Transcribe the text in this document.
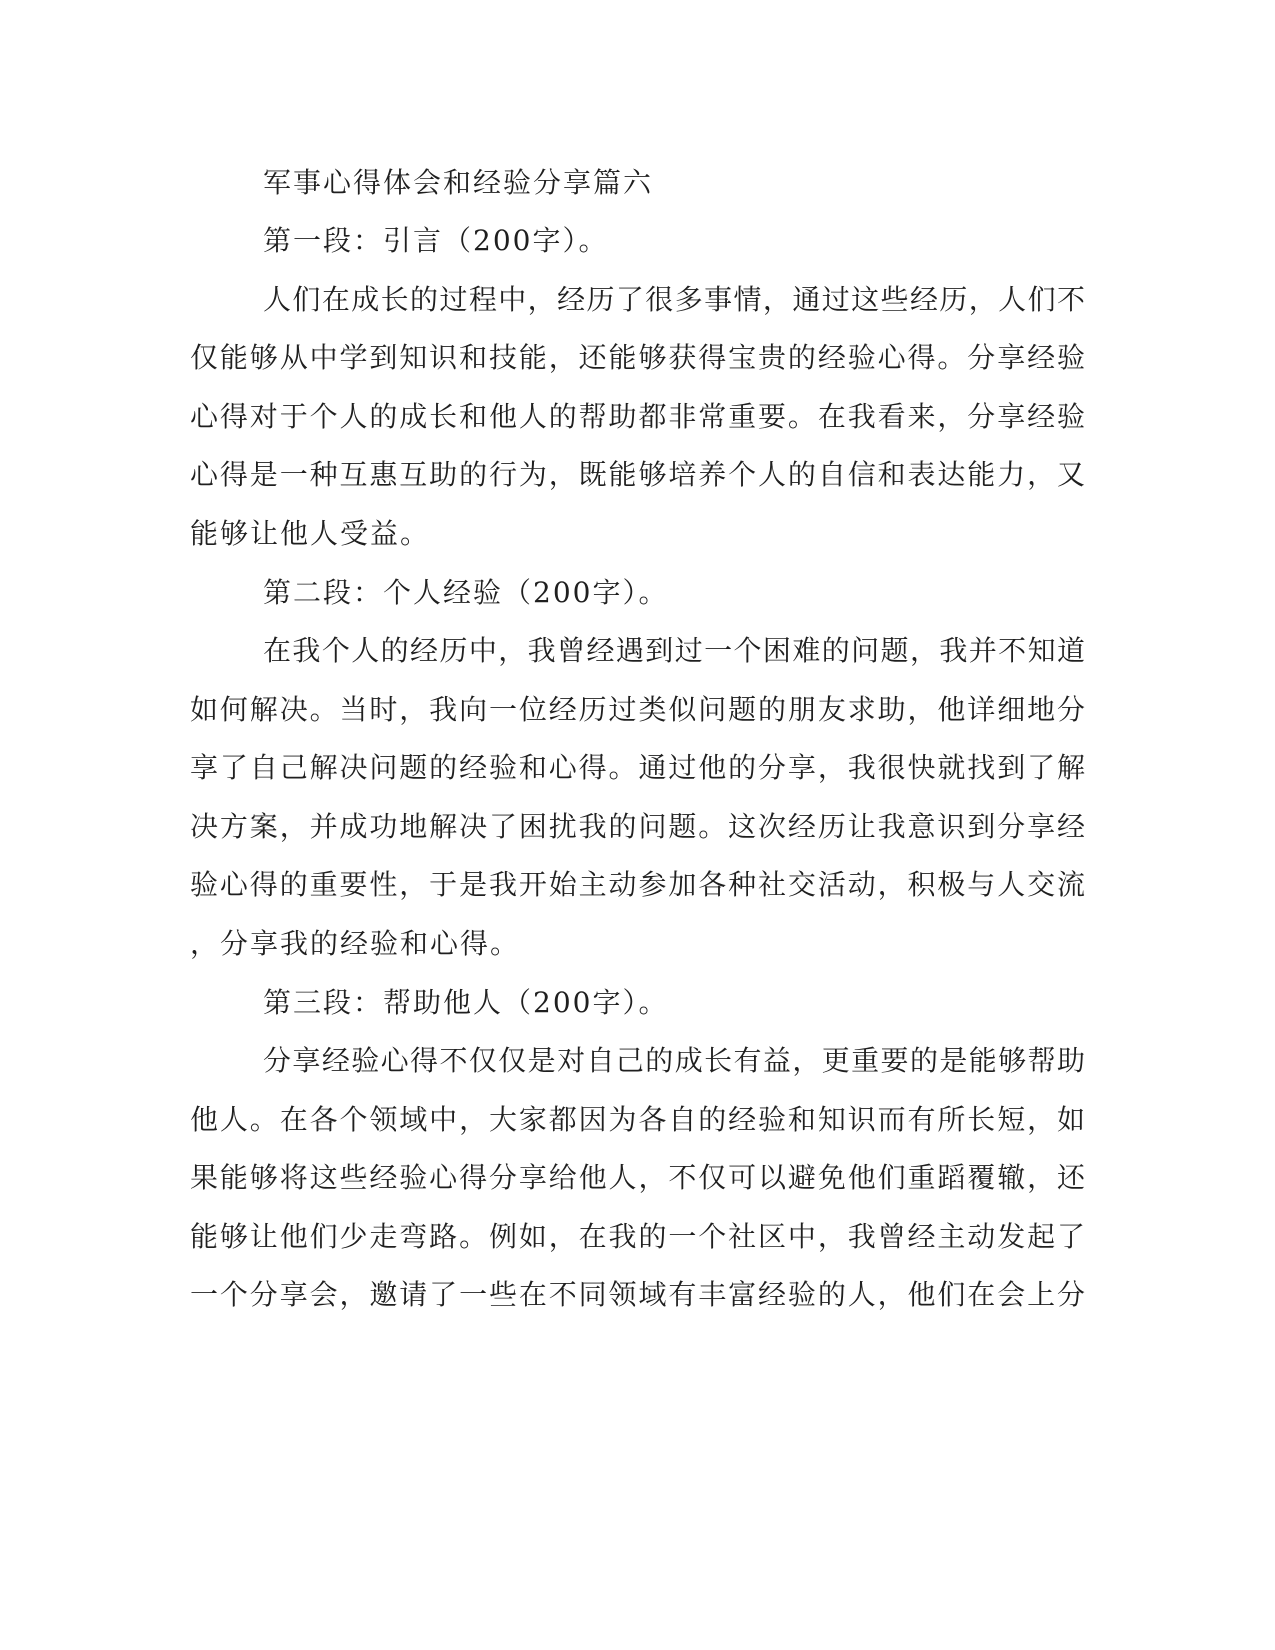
军事心得体会和经验分享篇六
第一段：引言（200字）。
人们在成长的过程中，经历了很多事情，通过这些经历，人们不
仅能够从中学到知识和技能，还能够获得宝贵的经验心得。分享经验
心得对于个人的成长和他人的帮助都非常重要。在我看来，分享经验
心得是一种互惠互助的行为，既能够培养个人的自信和表达能力，又
能够让他人受益。
第二段：个人经验（200字）。
在我个人的经历中，我曾经遇到过一个困难的问题，我并不知道
如何解决。当时，我向一位经历过类似问题的朋友求助，他详细地分
享了自己解决问题的经验和心得。通过他的分享，我很快就找到了解
决方案，并成功地解决了困扰我的问题。这次经历让我意识到分享经
验心得的重要性，于是我开始主动参加各种社交活动，积极与人交流
，分享我的经验和心得。
第三段：帮助他人（200字）。
分享经验心得不仅仅是对自己的成长有益，更重要的是能够帮助
他人。在各个领域中，大家都因为各自的经验和知识而有所长短，如
果能够将这些经验心得分享给他人，不仅可以避免他们重蹈覆辙，还
能够让他们少走弯路。例如，在我的一个社区中，我曾经主动发起了
一个分享会，邀请了一些在不同领域有丰富经验的人，他们在会上分
